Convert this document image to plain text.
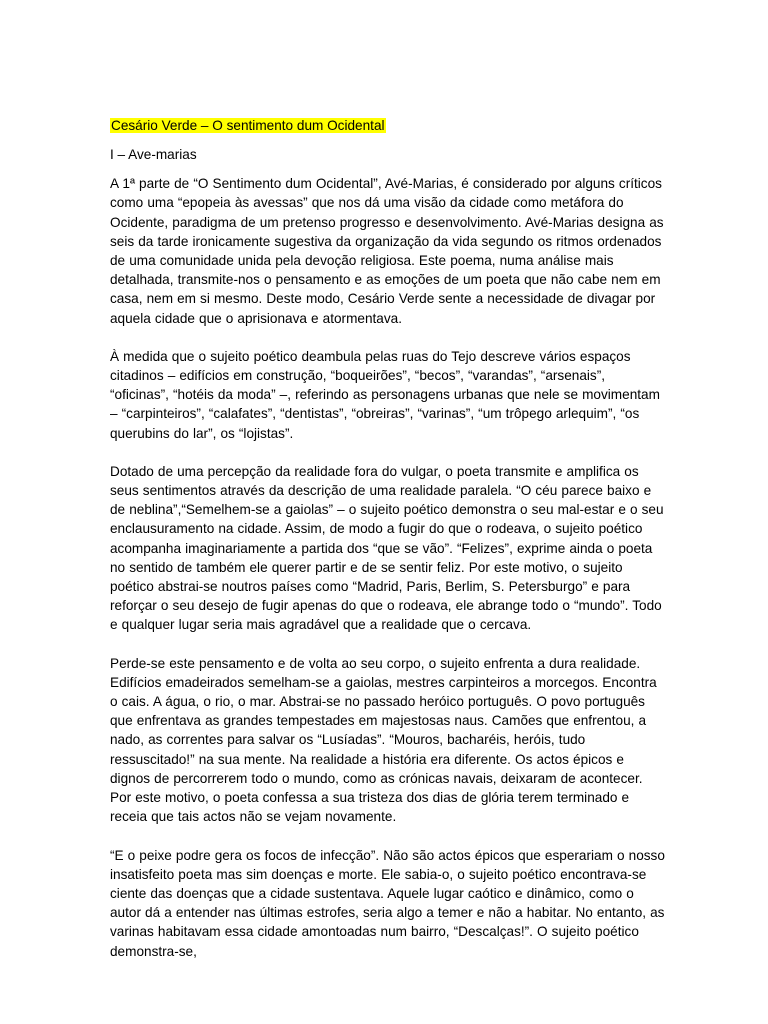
Cesário Verde – O sentimento dum Ocidental
I – Ave-marias

A 1ª parte de “O Sentimento dum Ocidental”, Avé-Marias, é considerado por alguns críticos como uma “epopeia às avessas” que nos dá uma visão da cidade como metáfora do Ocidente, paradigma de um pretenso progresso e desenvolvimento. Avé-Marias designa as seis da tarde ironicamente sugestiva da organização da vida segundo os ritmos ordenados de uma comunidade unida pela devoção religiosa. Este poema, numa análise mais detalhada, transmite-nos o pensamento e as emoções de um poeta que não cabe nem em casa, nem em si mesmo. Deste modo, Cesário Verde sente a necessidade de divagar por aquela cidade que o aprisionava e atormentava.

À medida que o sujeito poético deambula pelas ruas do Tejo descreve vários espaços citadinos – edifícios em construção, “boqueirões”, “becos”, “varandas”, “arsenais”, “oficinas”, “hotéis da moda” –, referindo as personagens urbanas que nele se movimentam – “carpinteiros”, “calafates”, “dentistas”, “obreiras”, “varinas”, “um trôpego arlequim”, “os querubins do lar”, os “lojistas”.

Dotado de uma percepção da realidade fora do vulgar, o poeta transmite e amplifica os seus sentimentos através da descrição de uma realidade paralela. “O céu parece baixo e de neblina”,“Semelhem-se a gaiolas” – o sujeito poético demonstra o seu mal-estar e o seu enclausuramento na cidade. Assim, de modo a fugir do que o rodeava, o sujeito poético acompanha imaginariamente a partida dos “que se vão”. “Felizes”, exprime ainda o poeta no sentido de também ele querer partir e de se sentir feliz. Por este motivo, o sujeito poético abstrai-se noutros países como “Madrid, Paris, Berlim, S. Petersburgo” e para reforçar o seu desejo de fugir apenas do que o rodeava, ele abrange todo o “mundo”. Todo e qualquer lugar seria mais agradável que a realidade que o cercava.

Perde-se este pensamento e de volta ao seu corpo, o sujeito enfrenta a dura realidade. Edifícios emadeirados semelham-se a gaiolas, mestres carpinteiros a morcegos. Encontra o cais. A água, o rio, o mar. Abstrai-se no passado heróico português. O povo português que enfrentava as grandes tempestades em majestosas naus. Camões que enfrentou, a nado, as correntes para salvar os “Lusíadas”. “Mouros, bacharéis, heróis, tudo ressuscitado!” na sua mente. Na realidade a história era diferente. Os actos épicos e dignos de percorrerem todo o mundo, como as crónicas navais, deixaram de acontecer. Por este motivo, o poeta confessa a sua tristeza dos dias de glória terem terminado e receia que tais actos não se vejam novamente.

“E o peixe podre gera os focos de infecção”. Não são actos épicos que esperariam o nosso insatisfeito poeta mas sim doenças e morte. Ele sabia-o, o sujeito poético encontrava-se ciente das doenças que a cidade sustentava. Aquele lugar caótico e dinâmico, como o autor dá a entender nas últimas estrofes, seria algo a temer e não a habitar. No entanto, as varinas habitavam essa cidade amontoadas num bairro, “Descalças!”. O sujeito poético demonstra-se,
